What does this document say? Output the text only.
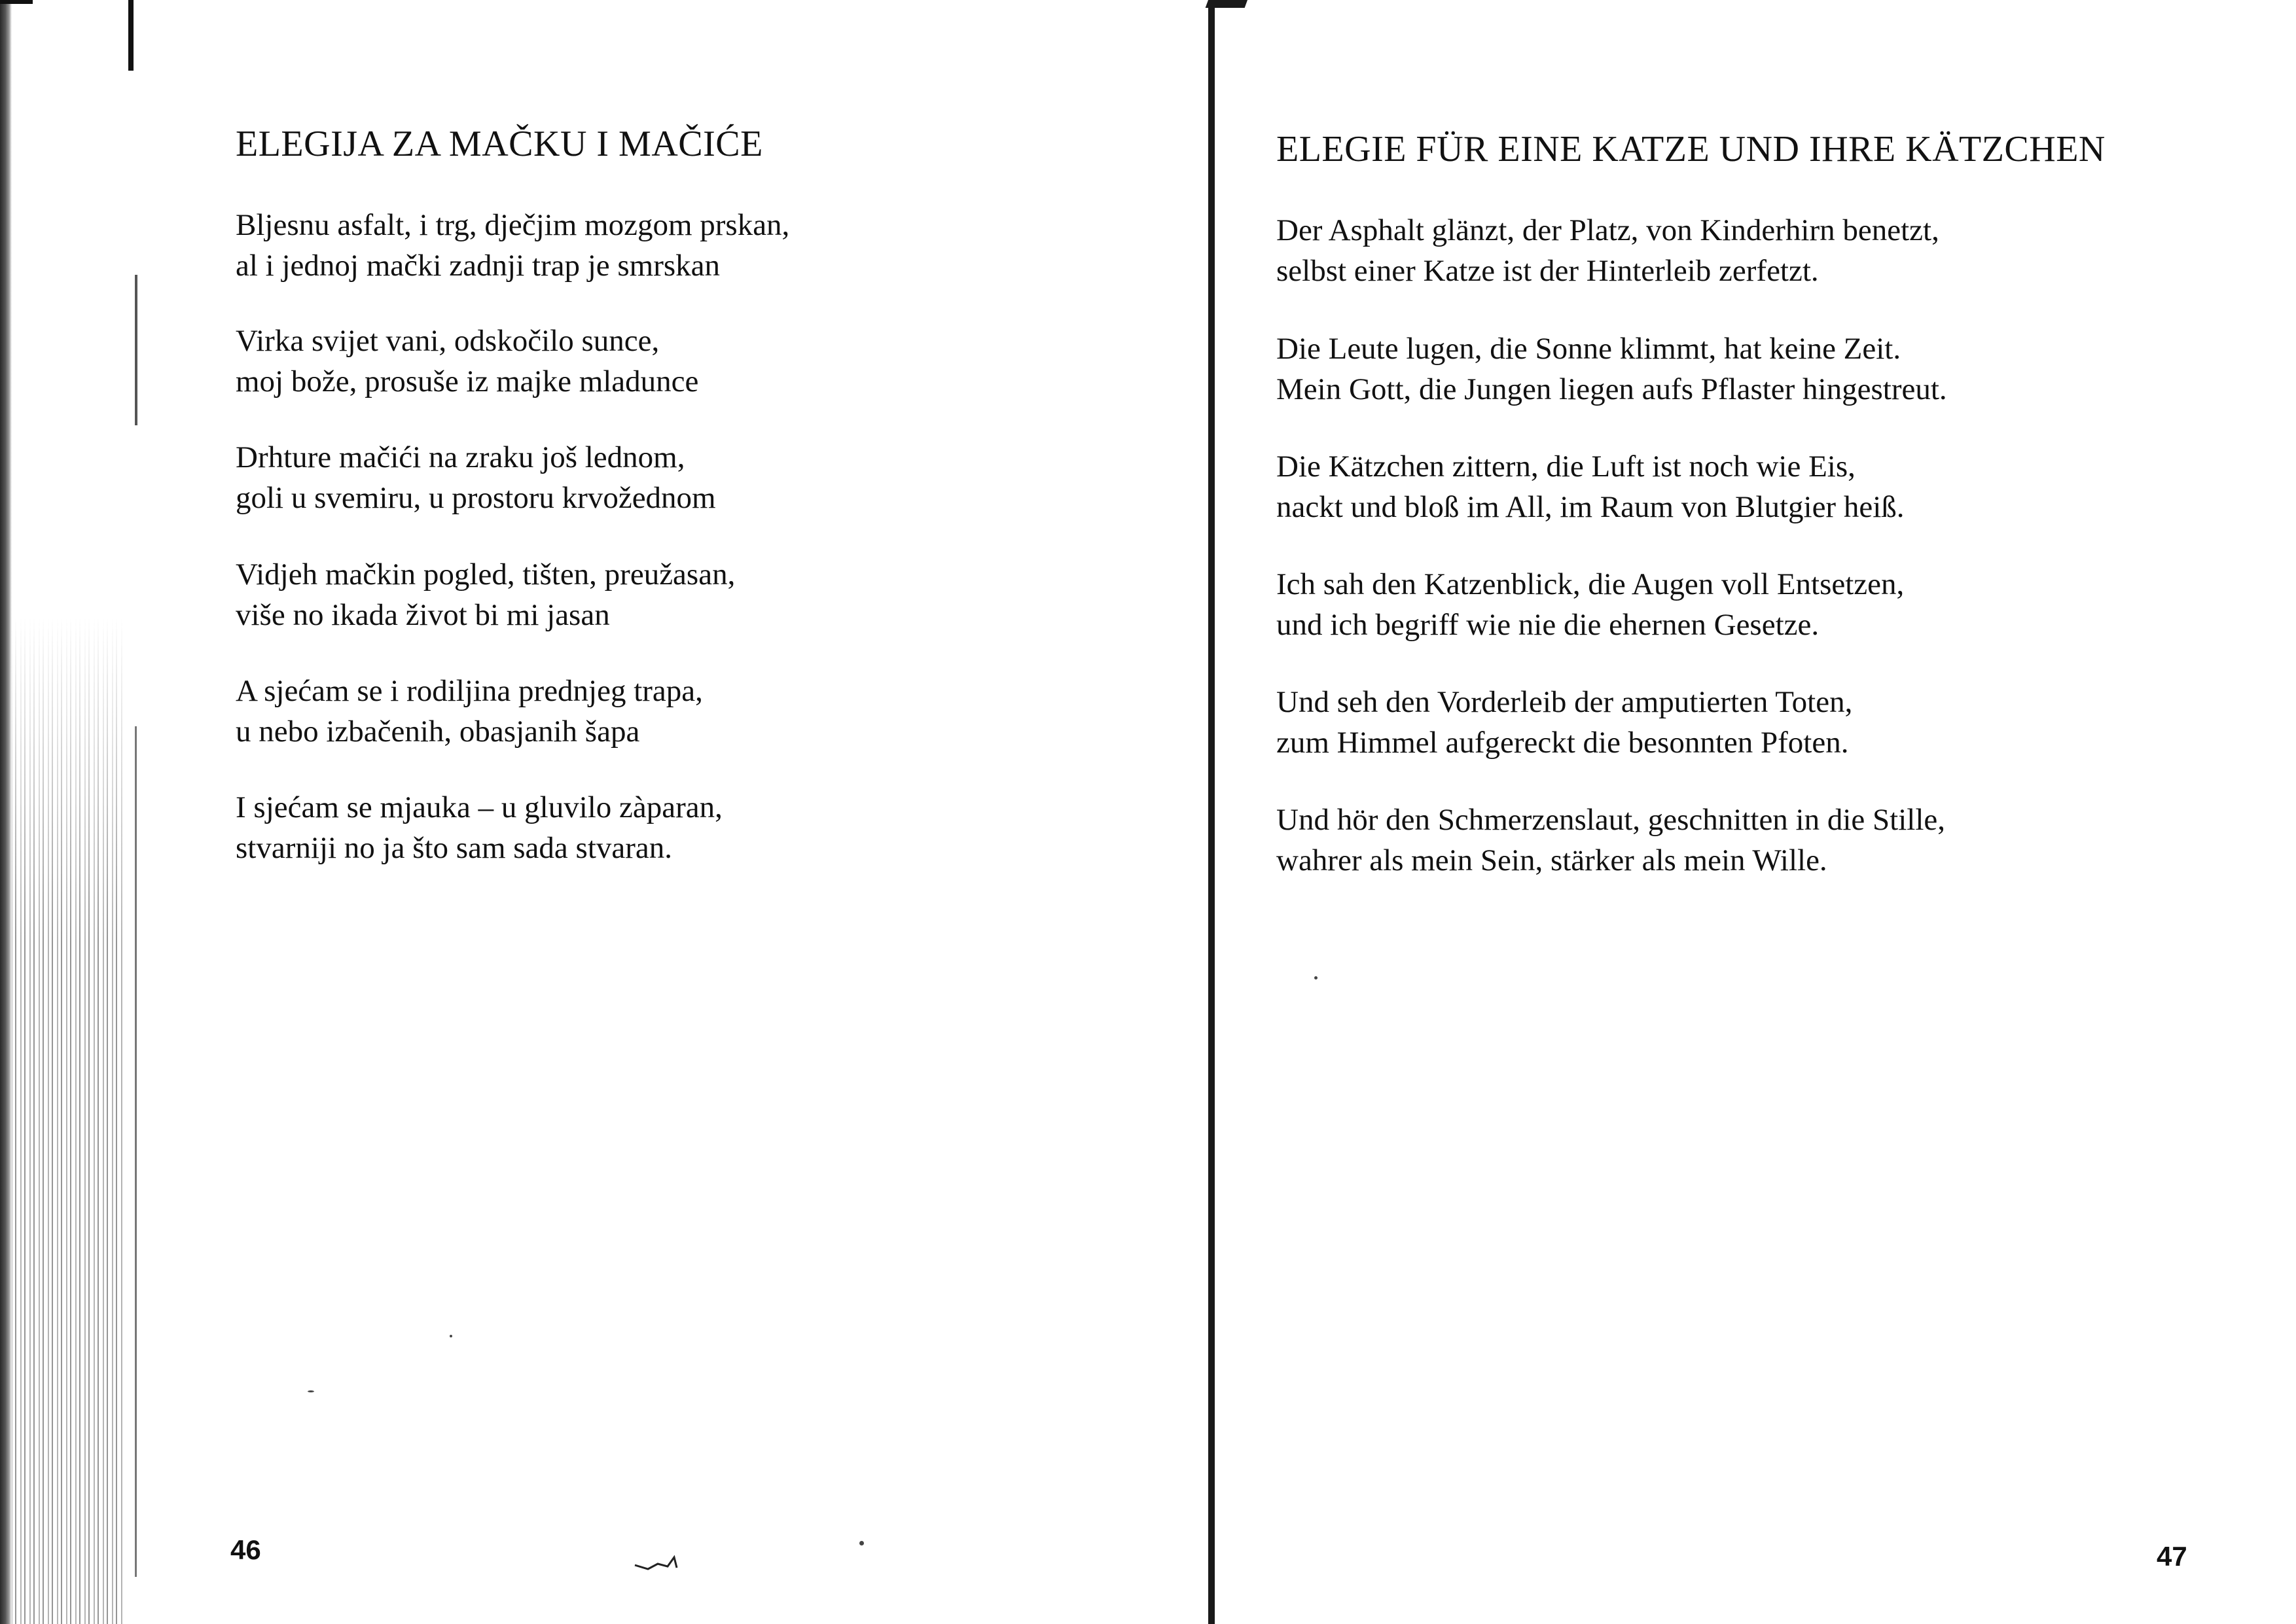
ELEGIJA ZA MAČKU I MAČIĆE
Bljesnu asfalt, i trg, dječjim mozgom prskan,
al i jednoj mački zadnji trap je smrskan
Virka svijet vani, odskočilo sunce,
moj bože, prosuše iz majke mladunce
Drhture mačići na zraku još lednom,
goli u svemiru, u prostoru krvožednom
Vidjeh mačkin pogled, tišten, preužasan,
više no ikada život bi mi jasan
A sjećam se i rodiljina prednjeg trapa,
u nebo izbačenih, obasjanih šapa
I sjećam se mjauka – u gluvilo zàparan,
stvarniji no ja što sam sada stvaran.
46
ELEGIE FÜR EINE KATZE UND IHRE KÄTZCHEN
Der Asphalt glänzt, der Platz, von Kinderhirn benetzt,
selbst einer Katze ist der Hinterleib zerfetzt.
Die Leute lugen, die Sonne klimmt, hat keine Zeit.
Mein Gott, die Jungen liegen aufs Pflaster hingestreut.
Die Kätzchen zittern, die Luft ist noch wie Eis,
nackt und bloß im All, im Raum von Blutgier heiß.
Ich sah den Katzenblick, die Augen voll Entsetzen,
und ich begriff wie nie die ehernen Gesetze.
Und seh den Vorderleib der amputierten Toten,
zum Himmel aufgereckt die besonnten Pfoten.
Und hör den Schmerzenslaut, geschnitten in die Stille,
wahrer als mein Sein, stärker als mein Wille.
47
